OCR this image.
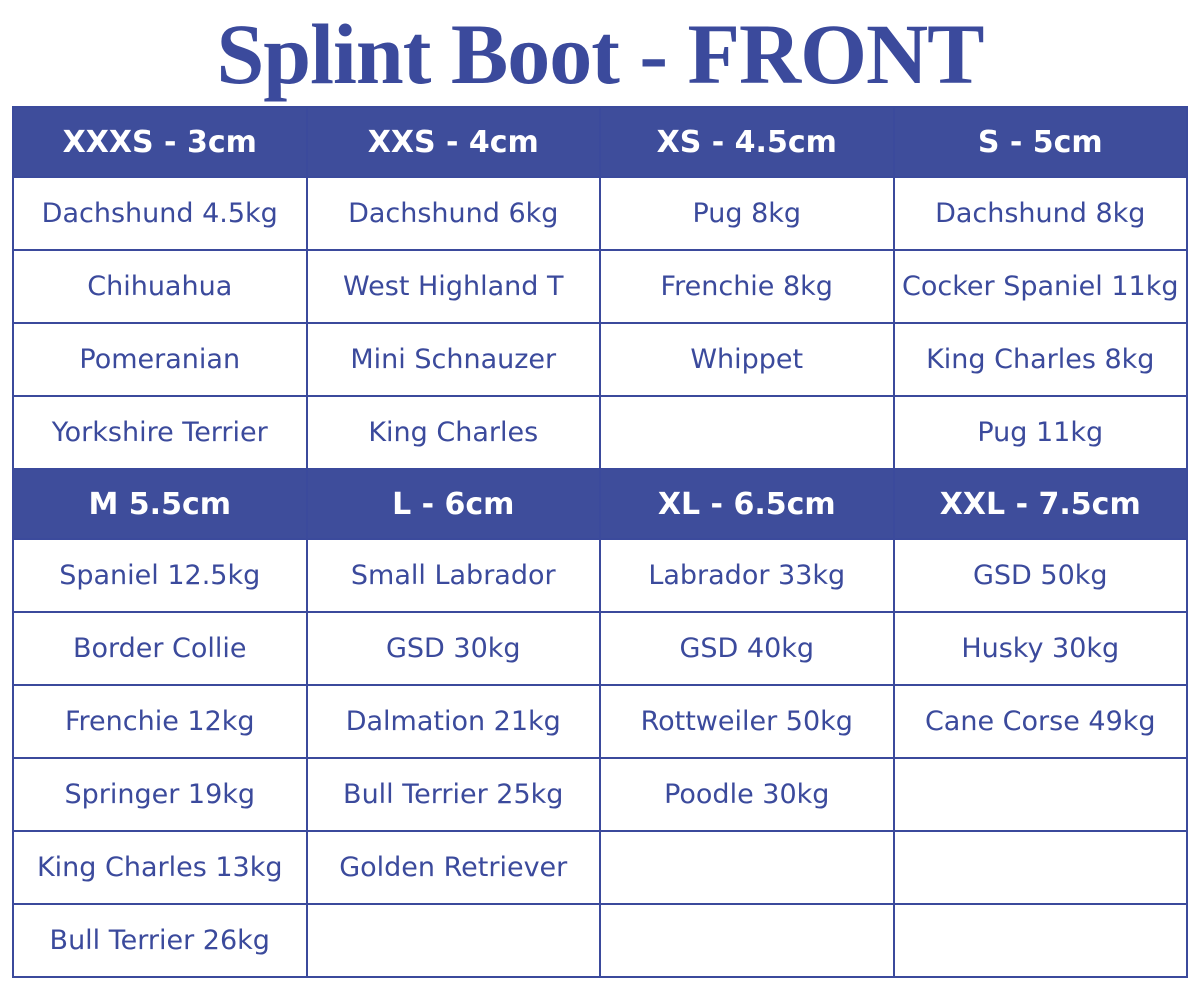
Splint Boot - FRONT
XXXS - 3cm	XXS - 4cm	XS - 4.5cm	S - 5cm
Dachshund 4.5kg	Dachshund 6kg	Pug 8kg	Dachshund 8kg
Chihuahua	West Highland T	Frenchie 8kg	Cocker Spaniel 11kg
Pomeranian	Mini Schnauzer	Whippet	King Charles 8kg
Yorkshire Terrier	King Charles		Pug 11kg
M 5.5cm	L - 6cm	XL - 6.5cm	XXL - 7.5cm
Spaniel 12.5kg	Small Labrador	Labrador 33kg	GSD 50kg
Border Collie	GSD 30kg	GSD 40kg	Husky 30kg
Frenchie 12kg	Dalmation 21kg	Rottweiler 50kg	Cane Corse 49kg
Springer 19kg	Bull Terrier 25kg	Poodle 30kg	
King Charles 13kg	Golden Retriever		
Bull Terrier 26kg			
